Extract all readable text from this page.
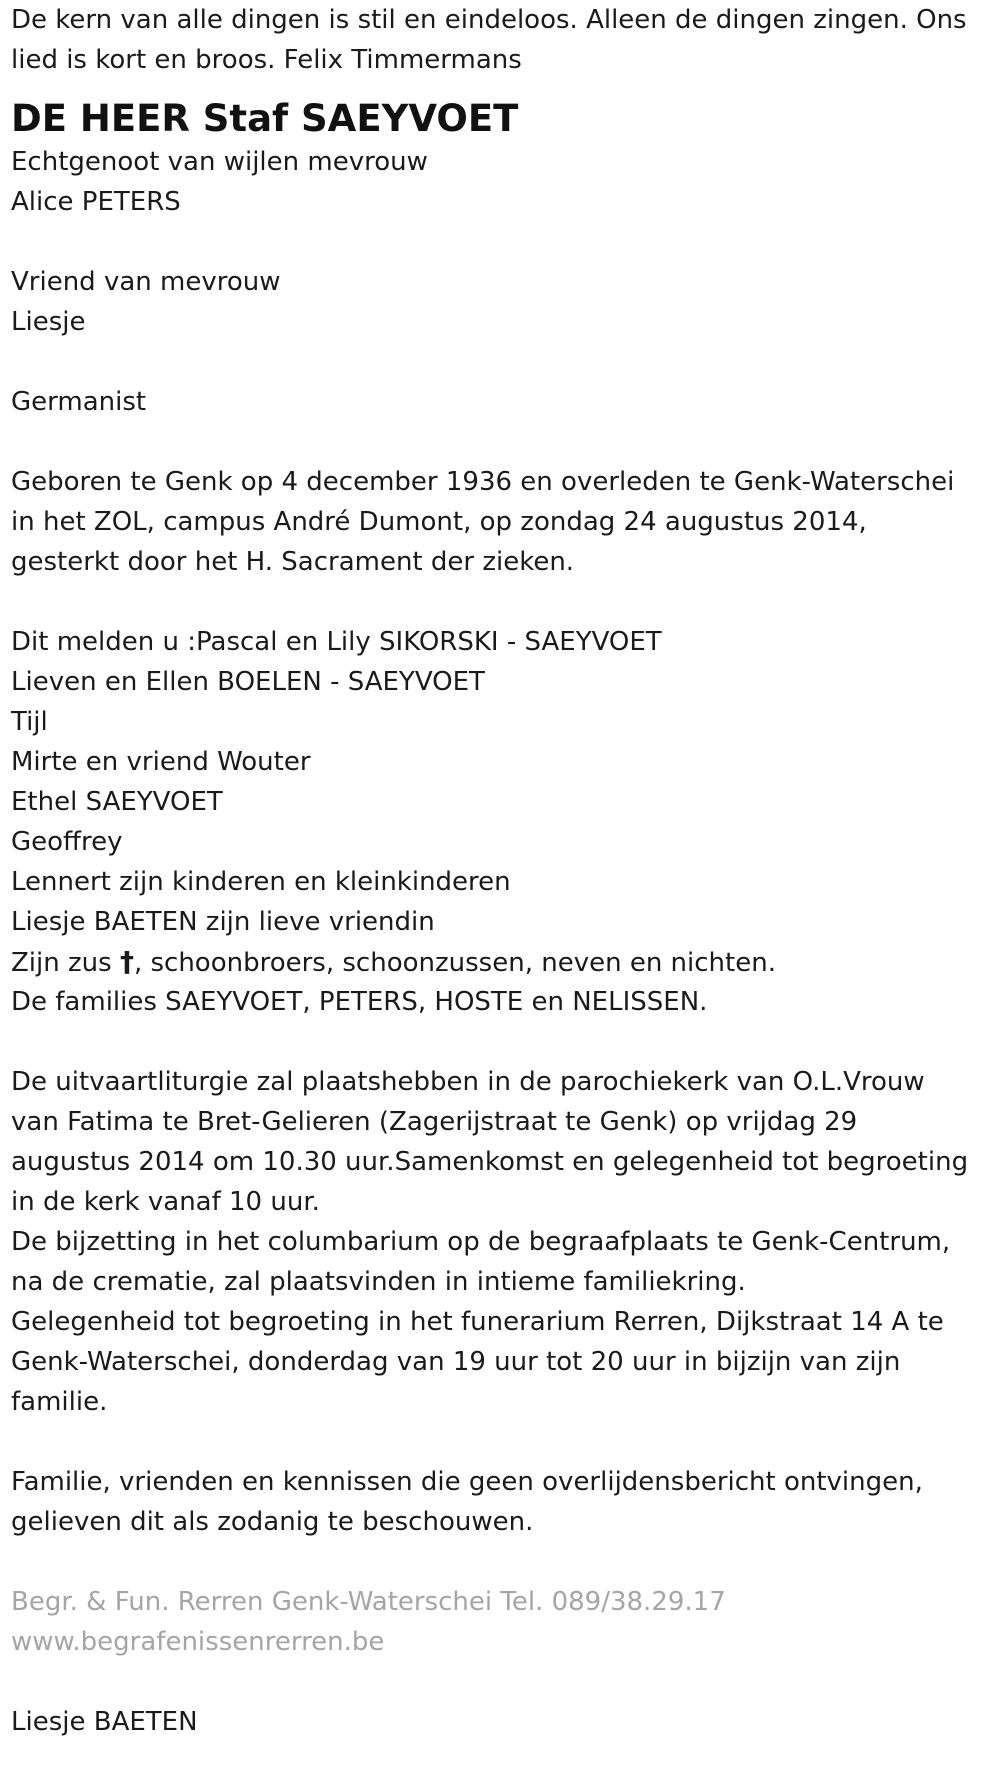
De kern van alle dingen is stil en eindeloos. Alleen de dingen zingen. Ons
lied is kort en broos. Felix Timmermans
DE HEER Staf SAEYVOET
Echtgenoot van wijlen mevrouw
Alice PETERS
Vriend van mevrouw
Liesje
Germanist
Geboren te Genk op 4 december 1936 en overleden te Genk-Waterschei
in het ZOL, campus André Dumont, op zondag 24 augustus 2014,
gesterkt door het H. Sacrament der zieken.
Dit melden u :Pascal en Lily SIKORSKI - SAEYVOET
Lieven en Ellen BOELEN - SAEYVOET
Tijl
Mirte en vriend Wouter
Ethel SAEYVOET
Geoffrey
Lennert zijn kinderen en kleinkinderen
Liesje BAETEN zijn lieve vriendin
Zijn zus †, schoonbroers, schoonzussen, neven en nichten.
De families SAEYVOET, PETERS, HOSTE en NELISSEN.
De uitvaartliturgie zal plaatshebben in de parochiekerk van O.L.Vrouw
van Fatima te Bret-Gelieren (Zagerijstraat te Genk) op vrijdag 29
augustus 2014 om 10.30 uur.Samenkomst en gelegenheid tot begroeting
in de kerk vanaf 10 uur.
De bijzetting in het columbarium op de begraafplaats te Genk-Centrum,
na de crematie, zal plaatsvinden in intieme familiekring.
Gelegenheid tot begroeting in het funerarium Rerren, Dijkstraat 14 A te
Genk-Waterschei, donderdag van 19 uur tot 20 uur in bijzijn van zijn
familie.
Familie, vrienden en kennissen die geen overlijdensbericht ontvingen,
gelieven dit als zodanig te beschouwen.
Begr. & Fun. Rerren Genk-Waterschei Tel. 089/38.29.17
www.begrafenissenrerren.be
Liesje BAETEN
